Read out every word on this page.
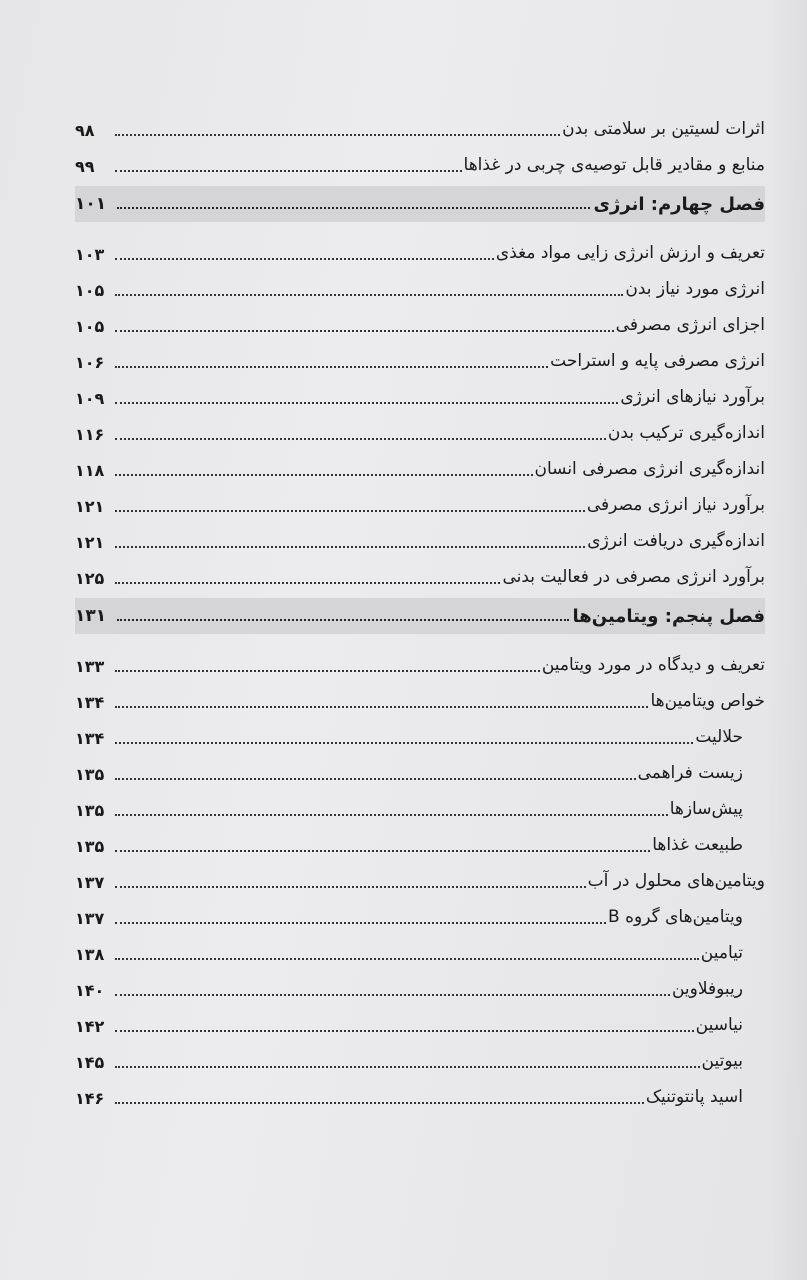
اثرات لسیتین بر سلامتی بدن
۹۸
منابع و مقادیر قابل توصیه‌ی چربی در غذاها
۹۹
فصل چهارم: انرژی
۱۰۱
تعریف و ارزش انرژی زایی مواد مغذی
۱۰۳
انرژی مورد نیاز بدن
۱۰۵
اجزای انرژی مصرفی
۱۰۵
انرژی مصرفی پایه و استراحت
۱۰۶
برآورد نیازهای انرژی
۱۰۹
اندازه‌گیری ترکیب بدن
۱۱۶
اندازه‌گیری انرژی مصرفی انسان
۱۱۸
برآورد نیاز انرژی مصرفی
۱۲۱
اندازه‌گیری دریافت انرژی
۱۲۱
برآورد انرژی مصرفی در فعالیت بدنی
۱۲۵
فصل پنجم: ویتامین‌ها
۱۳۱
تعریف و دیدگاه در مورد ویتامین
۱۳۳
خواص ویتامین‌ها
۱۳۴
حلالیت
۱۳۴
زیست فراهمی
۱۳۵
پیش‌سازها
۱۳۵
طبیعت غذاها
۱۳۵
ویتامین‌های محلول در آب
۱۳۷
ویتامین‌های گروه B
۱۳۷
تیامین
۱۳۸
ریبوفلاوین
۱۴۰
نیاسین
۱۴۲
بیوتین
۱۴۵
اسید پانتوتنیک
۱۴۶
